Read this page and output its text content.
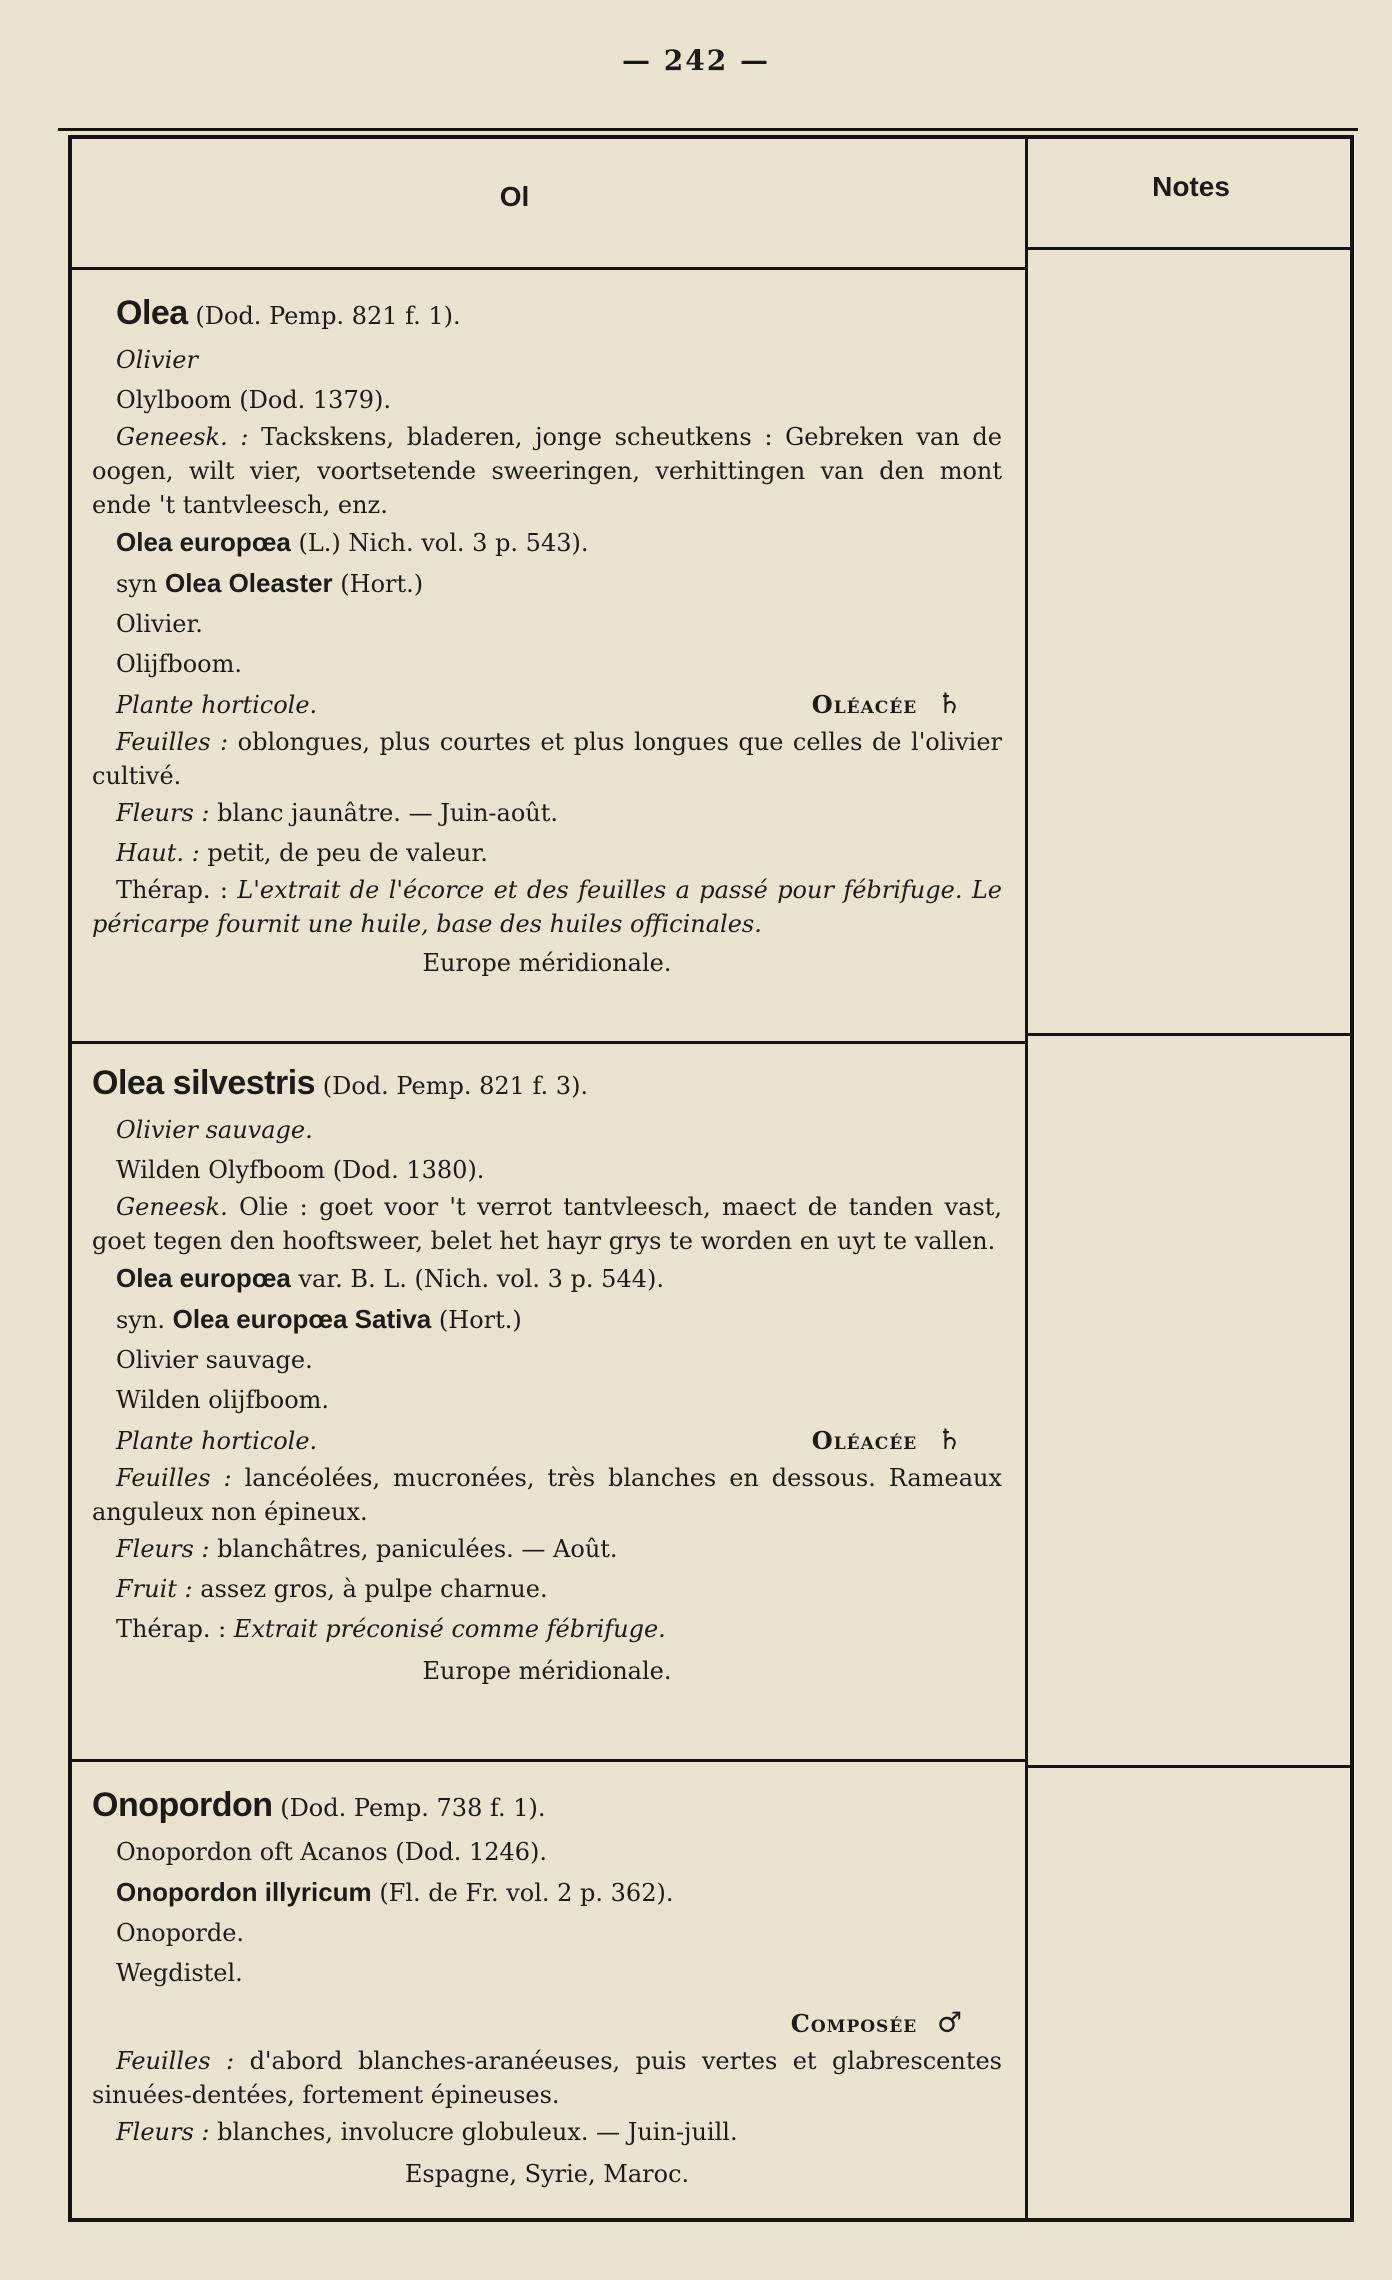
— 242 —
Ol	Notes
Olea (Dod. Pemp. 821 f. 1).
Olivier
Olylboom (Dod. 1379).
Geneesk. : Tackskens, bladeren, jonge scheutkens : Gebreken van de oogen, wilt vier, voortsetende sweeringen, verhittingen van den mont ende 't tantvleesch, enz.
Olea europœa (L.) Nich. vol. 3 p. 543).
syn Olea Oleaster (Hort.)
Olivier.
Olijfboom.
Plante horticole.	Oléacée ♄
Feuilles : oblongues, plus courtes et plus longues que celles de l'olivier cultivé.
Fleurs : blanc jaunâtre. — Juin-août.
Haut. : petit, de peu de valeur.
Thérap. : L'extrait de l'écorce et des feuilles a passé pour fébrifuge. Le péricarpe fournit une huile, base des huiles officinales.
Europe méridionale.
Olea silvestris (Dod. Pemp. 821 f. 3).
Olivier sauvage.
Wilden Olyfboom (Dod. 1380).
Geneesk. Olie : goet voor 't verrot tantvleesch, maect de tanden vast, goet tegen den hooftsweer, belet het hayr grys te worden en uyt te vallen.
Olea europœa var. B. L. (Nich. vol. 3 p. 544).
syn. Olea europœa Sativa (Hort.)
Olivier sauvage.
Wilden olijfboom.
Plante horticole.	Oléacée ♄
Feuilles : lancéolées, mucronées, très blanches en dessous. Rameaux anguleux non épineux.
Fleurs : blanchâtres, paniculées. — Août.
Fruit : assez gros, à pulpe charnue.
Thérap. : Extrait préconisé comme fébrifuge.
Europe méridionale.
Onopordon (Dod. Pemp. 738 f. 1).
Onopordon oft Acanos (Dod. 1246).
Onopordon illyricum (Fl. de Fr. vol. 2 p. 362).
Onoporde.
Wegdistel.
Composée ♂
Feuilles : d'abord blanches-aranéeuses, puis vertes et glabrescentes sinuées-dentées, fortement épineuses.
Fleurs : blanches, involucre globuleux. — Juin-juill.
Espagne, Syrie, Maroc.
